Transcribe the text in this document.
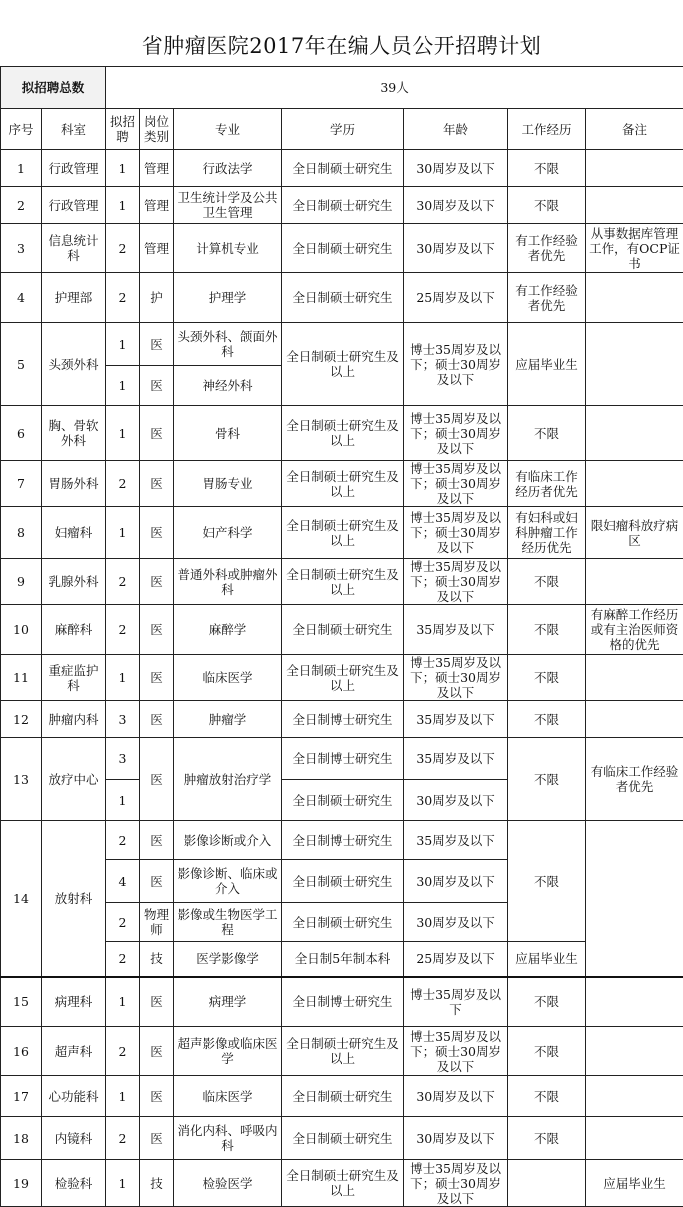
省肿瘤医院2017年在编人员公开招聘计划
拟招聘总数		39人						
序号	科室	拟招聘	岗位类别	专业	学历	年龄	工作经历	备注
1	行政管理	1	管理	行政法学	全日制硕士研究生	30周岁及以下	不限	
2	行政管理	1	管理	卫生统计学及公共卫生管理	全日制硕士研究生	30周岁及以下	不限	
3	信息统计科	2	管理	计算机专业	全日制硕士研究生	30周岁及以下	有工作经验者优先	从事数据库管理工作，有OCP证书
4	护理部	2	护	护理学	全日制硕士研究生	25周岁及以下	有工作经验者优先	
5	头颈外科	1	医	头颈外科、颌面外科	全日制硕士研究生及以上	博士35周岁及以下；硕士30周岁及以下	应届毕业生	
		1	医	神经外科				
6	胸、骨软外科	1	医	骨科	全日制硕士研究生及以上	博士35周岁及以下；硕士30周岁及以下	不限	
7	胃肠外科	2	医	胃肠专业	全日制硕士研究生及以上	博士35周岁及以下；硕士30周岁及以下	有临床工作经历者优先	
8	妇瘤科	1	医	妇产科学	全日制硕士研究生及以上	博士35周岁及以下；硕士30周岁及以下	有妇科或妇科肿瘤工作经历优先	限妇瘤科放疗病区
9	乳腺外科	2	医	普通外科或肿瘤外科	全日制硕士研究生及以上	博士35周岁及以下；硕士30周岁及以下	不限	
10	麻醉科	2	医	麻醉学	全日制硕士研究生	35周岁及以下	不限	有麻醉工作经历或有主治医师资格的优先
11	重症监护科	1	医	临床医学	全日制硕士研究生及以上	博士35周岁及以下；硕士30周岁及以下	不限	
12	肿瘤内科	3	医	肿瘤学	全日制博士研究生	35周岁及以下	不限	
13	放疗中心	3	医	肿瘤放射治疗学	全日制博士研究生	35周岁及以下	不限	有临床工作经验者优先
		1			全日制硕士研究生	30周岁及以下		
14	放射科	2	医	影像诊断或介入	全日制博士研究生	35周岁及以下	不限	
		4	医	影像诊断、临床或介入	全日制硕士研究生	30周岁及以下		
		2	物理师	影像或生物医学工程	全日制硕士研究生	30周岁及以下		
		2	技	医学影像学	全日制5年制本科	25周岁及以下	应届毕业生	
15	病理科	1	医	病理学	全日制博士研究生	博士35周岁及以下	不限	
16	超声科	2	医	超声影像或临床医学	全日制硕士研究生及以上	博士35周岁及以下；硕士30周岁及以下	不限	
17	心功能科	1	医	临床医学	全日制硕士研究生	30周岁及以下	不限	
18	内镜科	2	医	消化内科、呼吸内科	全日制硕士研究生	30周岁及以下	不限	
19	检验科	1	技	检验医学	全日制硕士研究生及以上	博士35周岁及以下；硕士30周岁及以下		应届毕业生
